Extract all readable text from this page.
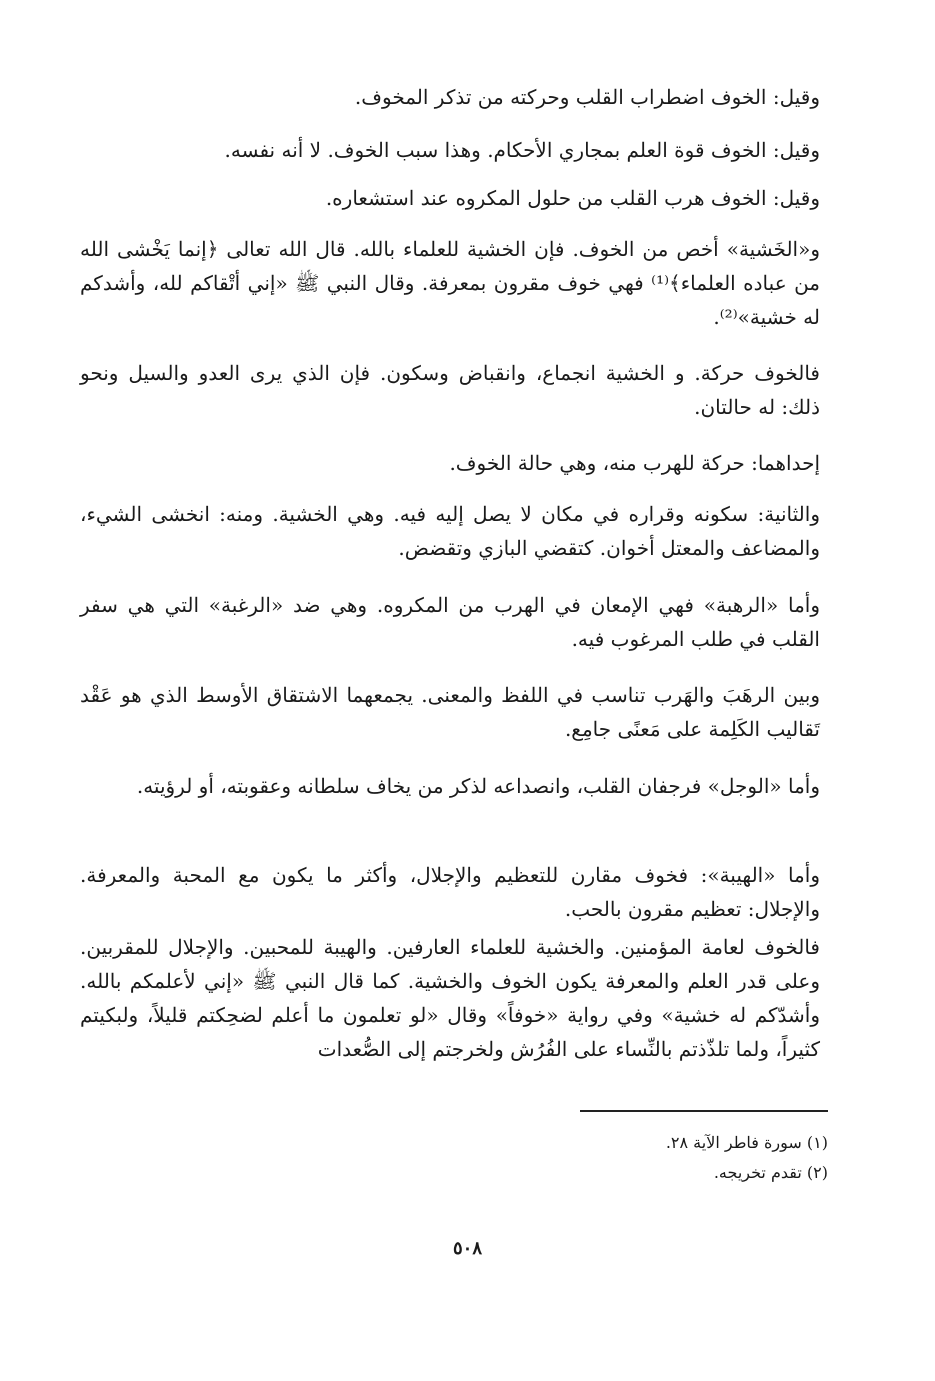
وقيل: الخوف اضطراب القلب وحركته من تذكر المخوف.

وقيل: الخوف قوة العلم بمجاري الأحكام. وهذا سبب الخوف. لا أنه نفسه.

وقيل: الخوف هرب القلب من حلول المكروه عند استشعاره.

و«الخَشية» أخص من الخوف. فإن الخشية للعلماء بالله. قال الله تعالى ﴿إنما يَخْشى الله من عباده العلماء﴾⁽¹⁾ فهي خوف مقرون بمعرفة. وقال النبي ﷺ «إني أتْقاكم لله، وأشدكم له خشية»⁽²⁾.

فالخوف حركة. و الخشية انجماع، وانقباض وسكون. فإن الذي يرى العدو والسيل ونحو ذلك: له حالتان.

إحداهما: حركة للهرب منه، وهي حالة الخوف.

والثانية: سكونه وقراره في مكان لا يصل إليه فيه. وهي الخشية. ومنه: انخشى الشيء، والمضاعف والمعتل أخوان. كتقضي البازي وتقضض.

وأما «الرهبة» فهي الإمعان في الهرب من المكروه. وهي ضد «الرغبة» التي هي سفر القلب في طلب المرغوب فيه.

وبين الرهَبَ والهَرب تناسب في اللفظ والمعنى. يجمعهما الاشتقاق الأوسط الذي هو عَقْد تَقاليب الكَلِمة على مَعنًى جامِع.

وأما «الوجل» فرجفان القلب، وانصداعه لذكر من يخاف سلطانه وعقوبته، أو لرؤيته.

وأما «الهيبة»: فخوف مقارن للتعظيم والإجلال، وأكثر ما يكون مع المحبة والمعرفة. والإجلال: تعظيم مقرون بالحب.

فالخوف لعامة المؤمنين. والخشية للعلماء العارفين. والهيبة للمحبين. والإجلال للمقربين. وعلى قدر العلم والمعرفة يكون الخوف والخشية. كما قال النبي ﷺ «إني لأعلمكم بالله. وأشدّكم له خشية» وفي رواية «خوفاً» وقال «لو تعلمون ما أعلم لضحِكتم قليلاً، ولبكيتم كثيراً، ولما تلذّذتم بالنِّساء على الفُرُش ولخرجتم إلى الصُّعدات

(١) سورة فاطر الآية ٢٨.
(٢) تقدم تخريجه.
٥٠٨
